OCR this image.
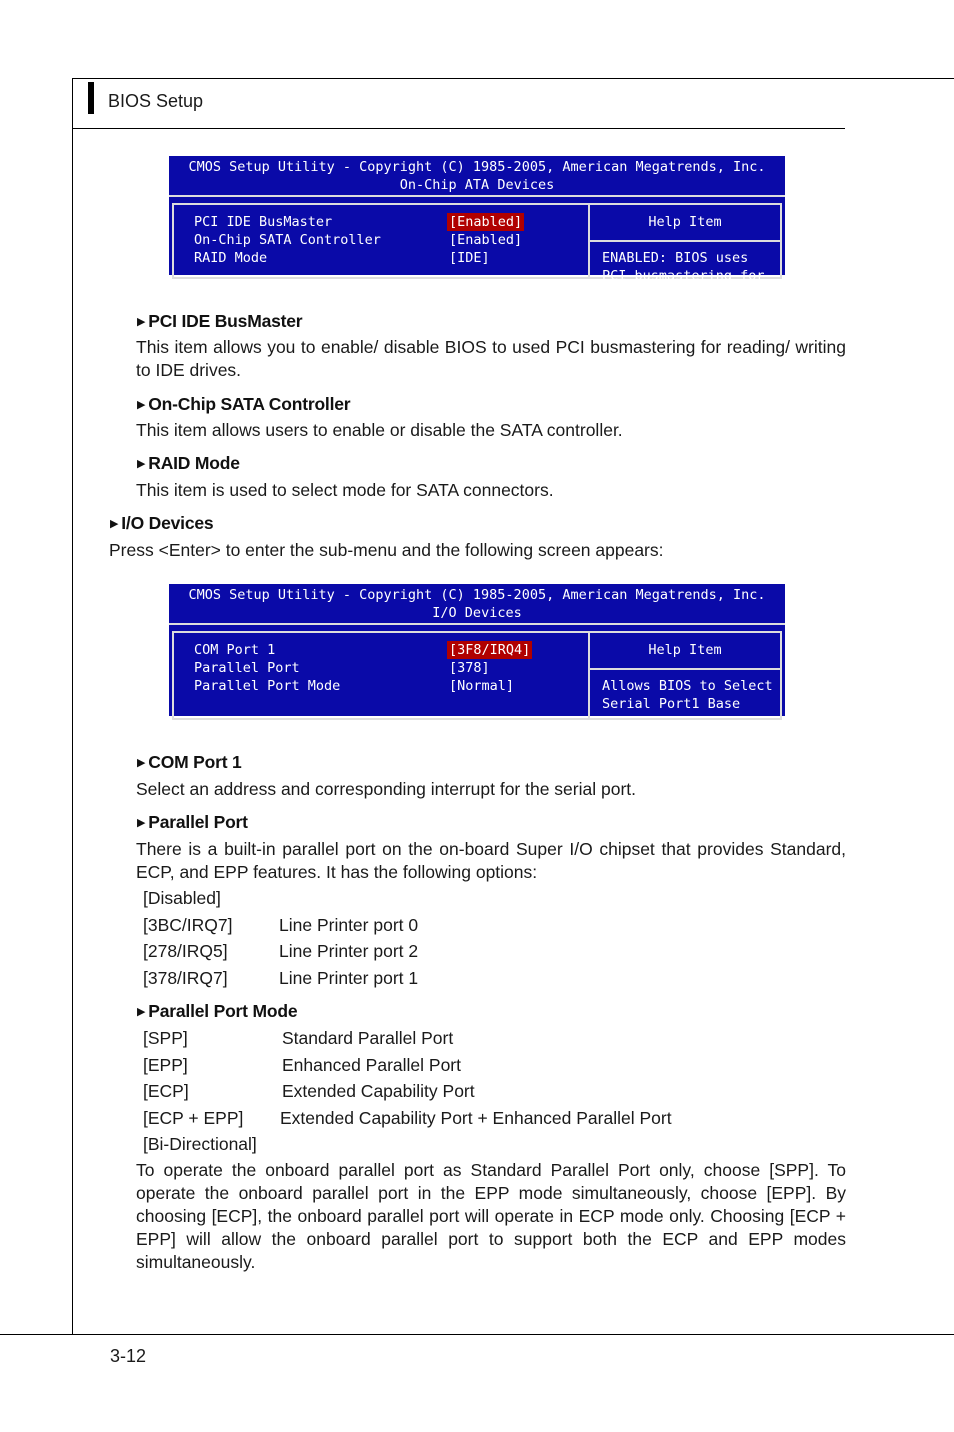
BIOS Setup
CMOS Setup Utility - Copyright (C) 1985-2005, American Megatrends, Inc.
On-Chip ATA Devices
PCI IDE BusMaster	[Enabled]
On-Chip SATA Controller	[Enabled]
RAID Mode	[IDE]
Help Item
ENABLED: BIOS uses
PCI busmastering for
▶ PCI IDE BusMaster
This item allows you to enable/ disable BIOS to used PCI busmastering for reading/ writing to IDE drives.
▶ On-Chip SATA Controller
This item allows users to enable or disable the SATA controller.
▶ RAID Mode
This item is used to select mode for SATA connectors.
▶ I/O Devices
Press <Enter> to enter the sub-menu and the following screen appears:
CMOS Setup Utility - Copyright (C) 1985-2005, American Megatrends, Inc.
I/O Devices
COM Port 1	[3F8/IRQ4]
Parallel Port	[378]
Parallel Port Mode	[Normal]
Help Item
Allows BIOS to Select
Serial Port1 Base
▶ COM Port 1
Select an address and corresponding interrupt for the serial port.
▶ Parallel Port
There is a built-in parallel port on the on-board Super I/O chipset that provides Standard, ECP, and EPP features. It has the following options:
[Disabled]
[3BC/IRQ7]	Line Printer port 0
[278/IRQ5]	Line Printer port 2
[378/IRQ7]	Line Printer port 1
▶ Parallel Port Mode
[SPP]	Standard Parallel Port
[EPP]	Enhanced Parallel Port
[ECP]	Extended Capability Port
[ECP + EPP] Extended Capability Port + Enhanced Parallel Port
[Bi-Directional]
To operate the onboard parallel port as Standard Parallel Port only, choose [SPP]. To operate the onboard parallel port in the EPP mode simultaneously, choose [EPP]. By choosing [ECP], the onboard parallel port will operate in ECP mode only. Choosing [ECP + EPP] will allow the onboard parallel port to support both the ECP and EPP modes simultaneously.
3-12
